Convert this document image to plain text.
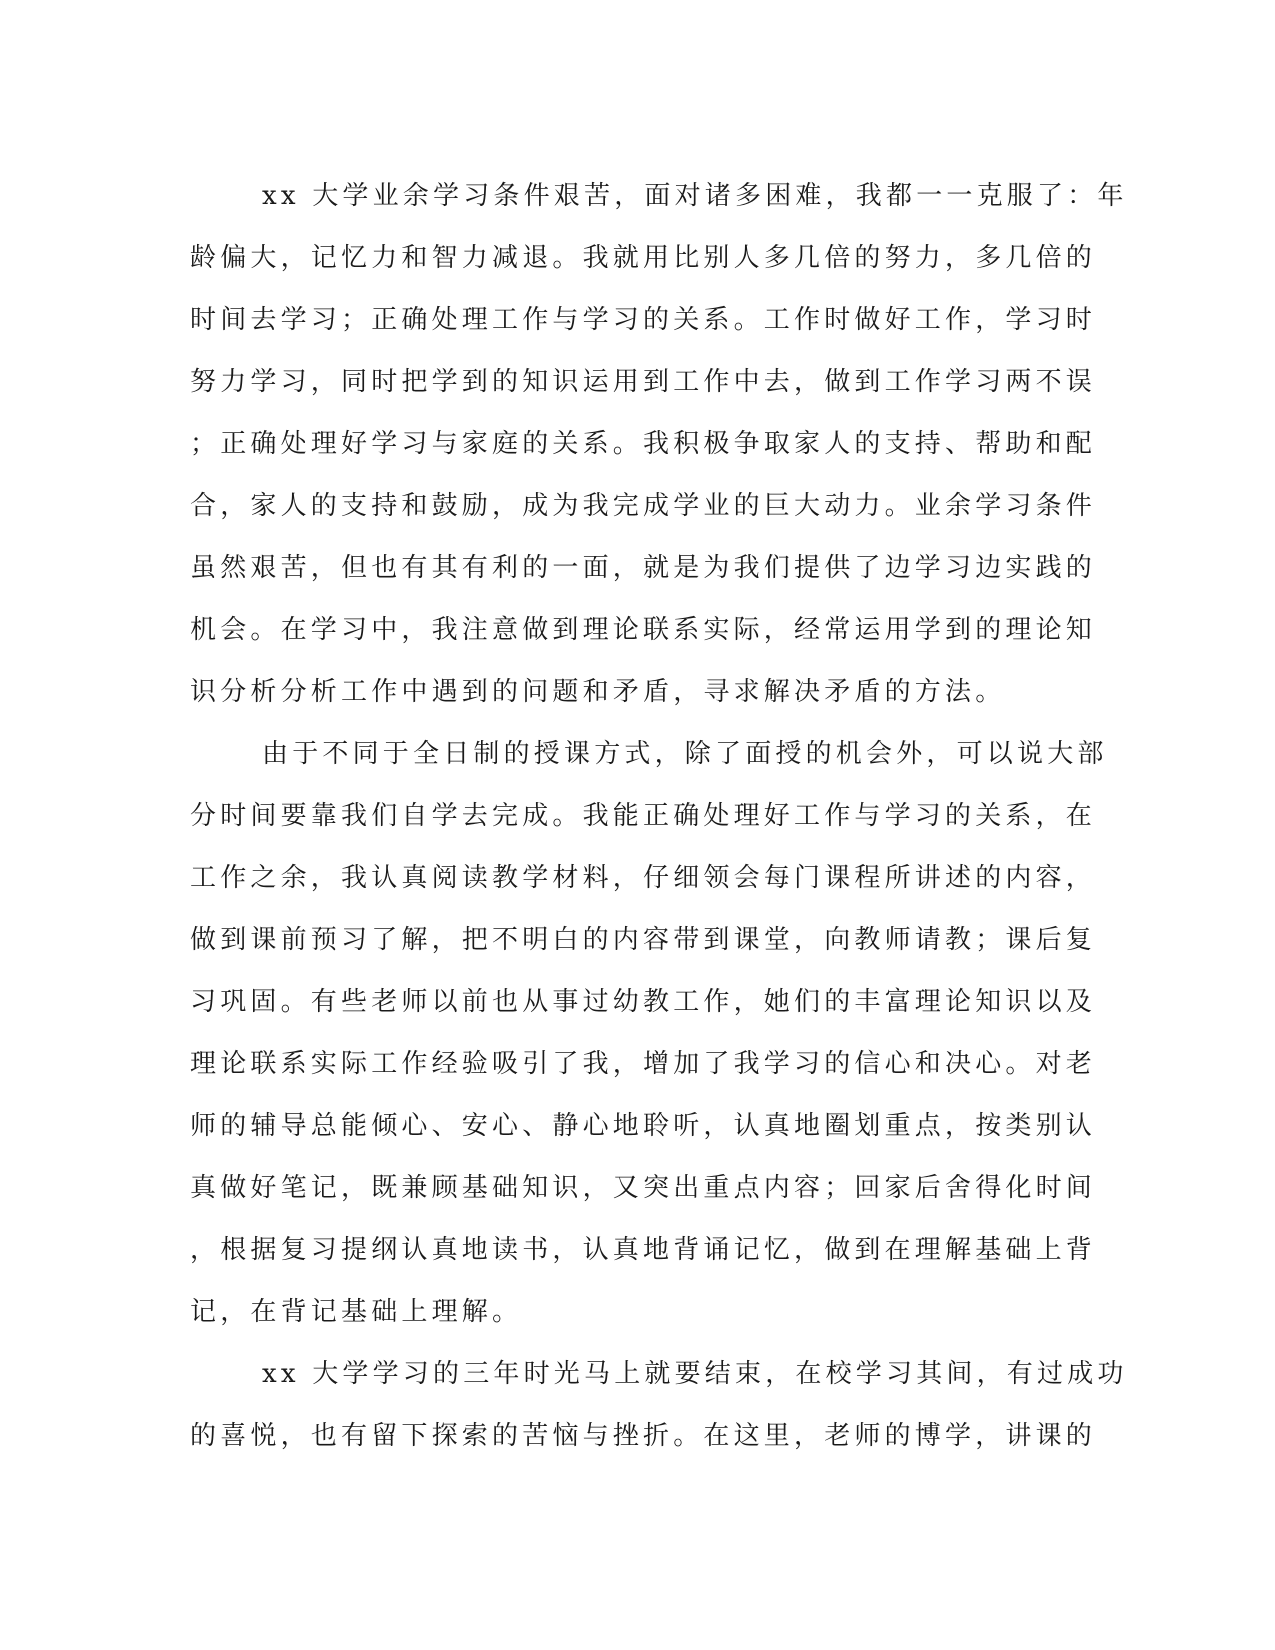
xx 大学业余学习条件艰苦，面对诸多困难，我都一一克服了：年
龄偏大，记忆力和智力减退。我就用比别人多几倍的努力，多几倍的
时间去学习；正确处理工作与学习的关系。工作时做好工作，学习时
努力学习，同时把学到的知识运用到工作中去，做到工作学习两不误
；正确处理好学习与家庭的关系。我积极争取家人的支持、帮助和配
合，家人的支持和鼓励，成为我完成学业的巨大动力。业余学习条件
虽然艰苦，但也有其有利的一面，就是为我们提供了边学习边实践的
机会。在学习中，我注意做到理论联系实际，经常运用学到的理论知
识分析分析工作中遇到的问题和矛盾，寻求解决矛盾的方法。
由于不同于全日制的授课方式，除了面授的机会外，可以说大部
分时间要靠我们自学去完成。我能正确处理好工作与学习的关系，在
工作之余，我认真阅读教学材料，仔细领会每门课程所讲述的内容，
做到课前预习了解，把不明白的内容带到课堂，向教师请教；课后复
习巩固。有些老师以前也从事过幼教工作，她们的丰富理论知识以及
理论联系实际工作经验吸引了我，增加了我学习的信心和决心。对老
师的辅导总能倾心、安心、静心地聆听，认真地圈划重点，按类别认
真做好笔记，既兼顾基础知识，又突出重点内容；回家后舍得化时间
，根据复习提纲认真地读书，认真地背诵记忆，做到在理解基础上背
记，在背记基础上理解。
xx 大学学习的三年时光马上就要结束，在校学习其间，有过成功
的喜悦，也有留下探索的苦恼与挫折。在这里，老师的博学，讲课的
